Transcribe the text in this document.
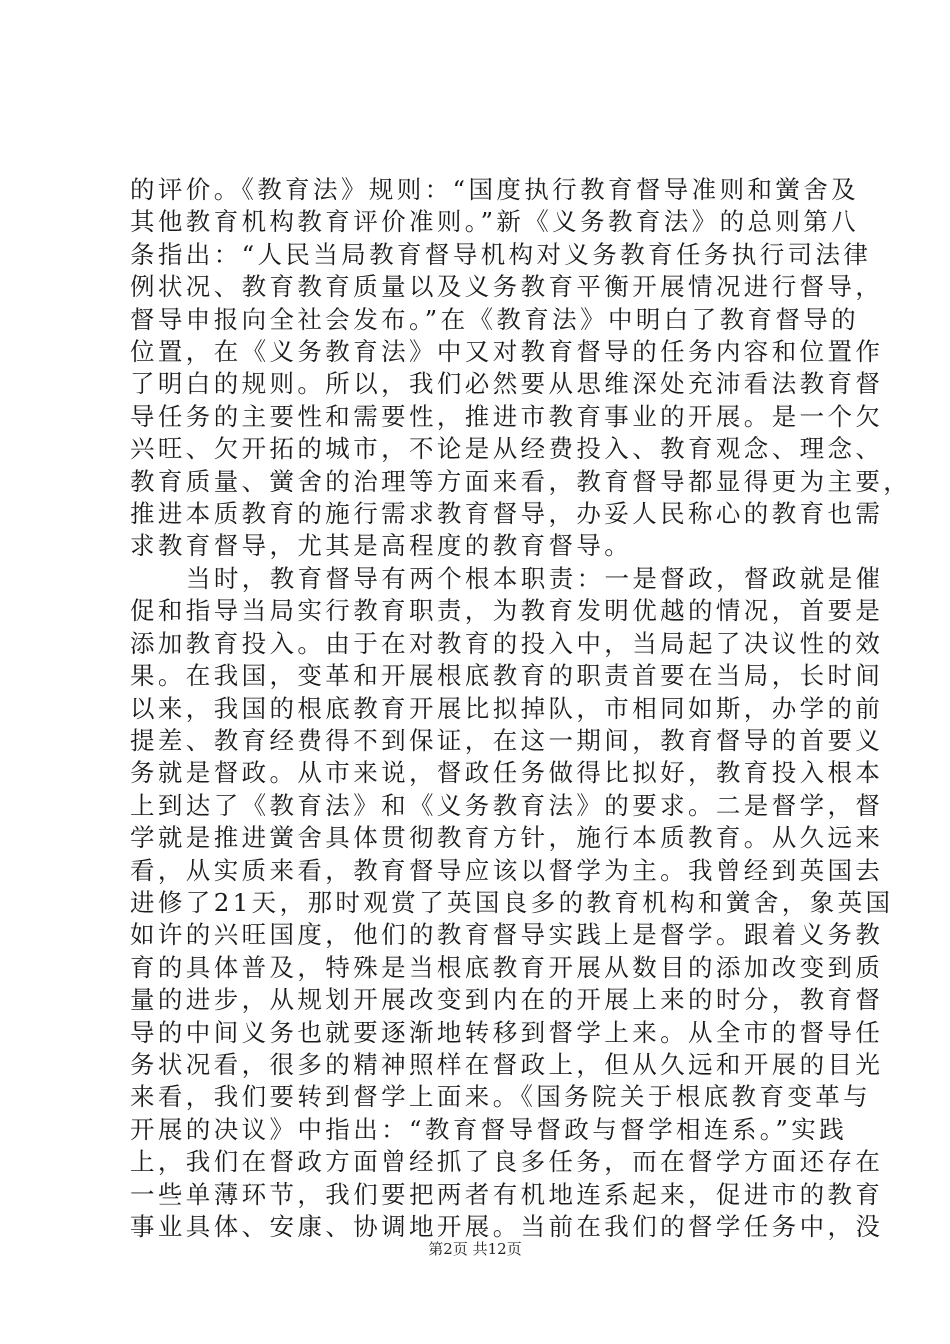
的评价。《教育法》规则：“国度执行教育督导准则和黉舍及
其他教育机构教育评价准则。”新《义务教育法》的总则第八
条指出：“人民当局教育督导机构对义务教育任务执行司法律
例状况、教育教育质量以及义务教育平衡开展情况进行督导，
督导申报向全社会发布。”在《教育法》中明白了教育督导的
位置，在《义务教育法》中又对教育督导的任务内容和位置作
了明白的规则。所以，我们必然要从思维深处充沛看法教育督
导任务的主要性和需要性，推进市教育事业的开展。是一个欠
兴旺、欠开拓的城市，不论是从经费投入、教育观念、理念、
教育质量、黉舍的治理等方面来看，教育督导都显得更为主要，
推进本质教育的施行需求教育督导，办妥人民称心的教育也需
求教育督导，尤其是高程度的教育督导。
当时，教育督导有两个根本职责：一是督政，督政就是催
促和指导当局实行教育职责，为教育发明优越的情况，首要是
添加教育投入。由于在对教育的投入中，当局起了决议性的效
果。在我国，变革和开展根底教育的职责首要在当局，长时间
以来，我国的根底教育开展比拟掉队，市相同如斯，办学的前
提差、教育经费得不到保证，在这一期间，教育督导的首要义
务就是督政。从市来说，督政任务做得比拟好，教育投入根本
上到达了《教育法》和《义务教育法》的要求。二是督学，督
学就是推进黉舍具体贯彻教育方针，施行本质教育。从久远来
看，从实质来看，教育督导应该以督学为主。我曾经到英国去
进修了21天，那时观赏了英国良多的教育机构和黉舍，象英国
如许的兴旺国度，他们的教育督导实践上是督学。跟着义务教
育的具体普及，特殊是当根底教育开展从数目的添加改变到质
量的进步，从规划开展改变到内在的开展上来的时分，教育督
导的中间义务也就要逐渐地转移到督学上来。从全市的督导任
务状况看，很多的精神照样在督政上，但从久远和开展的目光
来看，我们要转到督学上面来。《国务院关于根底教育变革与
开展的决议》中指出：“教育督导督政与督学相连系。”实践
上，我们在督政方面曾经抓了良多任务，而在督学方面还存在
一些单薄环节，我们要把两者有机地连系起来，促进市的教育
事业具体、安康、协调地开展。当前在我们的督学任务中，没
第2页 共12页
